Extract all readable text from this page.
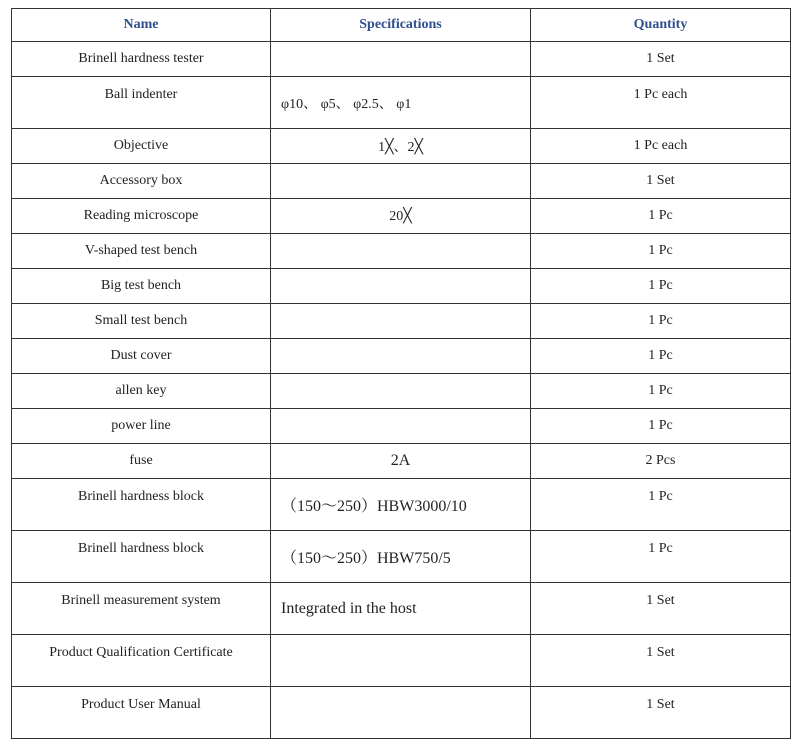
Name	Specifications	Quantity
Brinell hardness tester		1 Set
Ball indenter	φ10、 φ5、 φ2.5、 φ1	1 Pc each
Objective	1╳、2╳	1 Pc each
Accessory box		1 Set
Reading microscope	20╳	1 Pc
V-shaped test bench		1 Pc
Big test bench		1 Pc
Small test bench		1 Pc
Dust cover		1 Pc
allen key		1 Pc
power line		1 Pc
fuse	2A	2 Pcs
Brinell hardness block	（150～250）HBW3000/10	1 Pc
Brinell hardness block	（150～250）HBW750/5	1 Pc
Brinell measurement system	Integrated in the host	1 Set
Product Qualification Certificate		1 Set
Product User Manual		1 Set
